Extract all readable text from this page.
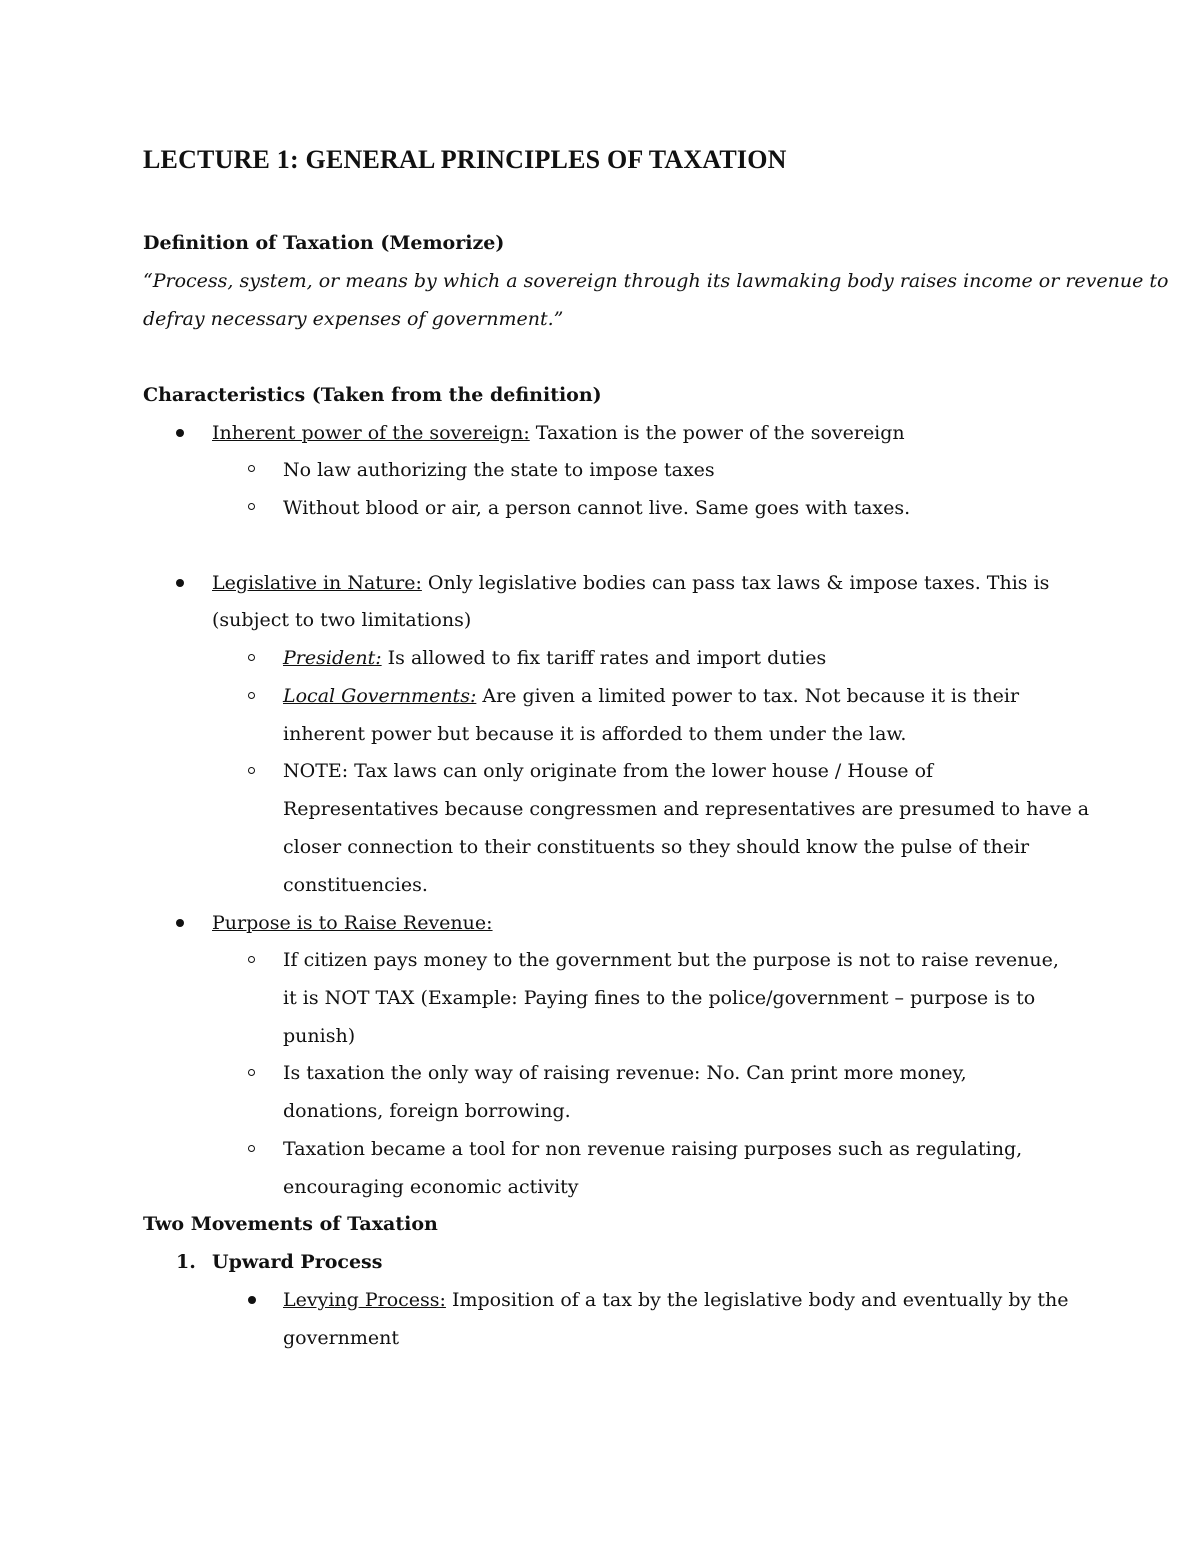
LECTURE 1: GENERAL PRINCIPLES OF TAXATION
Definition of Taxation (Memorize)
“Process, system, or means by which a sovereign through its lawmaking body raises income or revenue to
defray necessary expenses of government.”
Characteristics (Taken from the definition)
Inherent power of the sovereign: Taxation is the power of the sovereign
No law authorizing the state to impose taxes
Without blood or air, a person cannot live. Same goes with taxes.
Legislative in Nature: Only legislative bodies can pass tax laws & impose taxes. This is
(subject to two limitations)
President: Is allowed to fix tariff rates and import duties
Local Governments: Are given a limited power to tax. Not because it is their
inherent power but because it is afforded to them under the law.
NOTE: Tax laws can only originate from the lower house / House of
Representatives because congressmen and representatives are presumed to have a
closer connection to their constituents so they should know the pulse of their
constituencies.
Purpose is to Raise Revenue:
If citizen pays money to the government but the purpose is not to raise revenue,
it is NOT TAX (Example: Paying fines to the police/government – purpose is to
punish)
Is taxation the only way of raising revenue: No. Can print more money,
donations, foreign borrowing.
Taxation became a tool for non revenue raising purposes such as regulating,
encouraging economic activity
Two Movements of Taxation
1. Upward Process
Levying Process: Imposition of a tax by the legislative body and eventually by the
government
